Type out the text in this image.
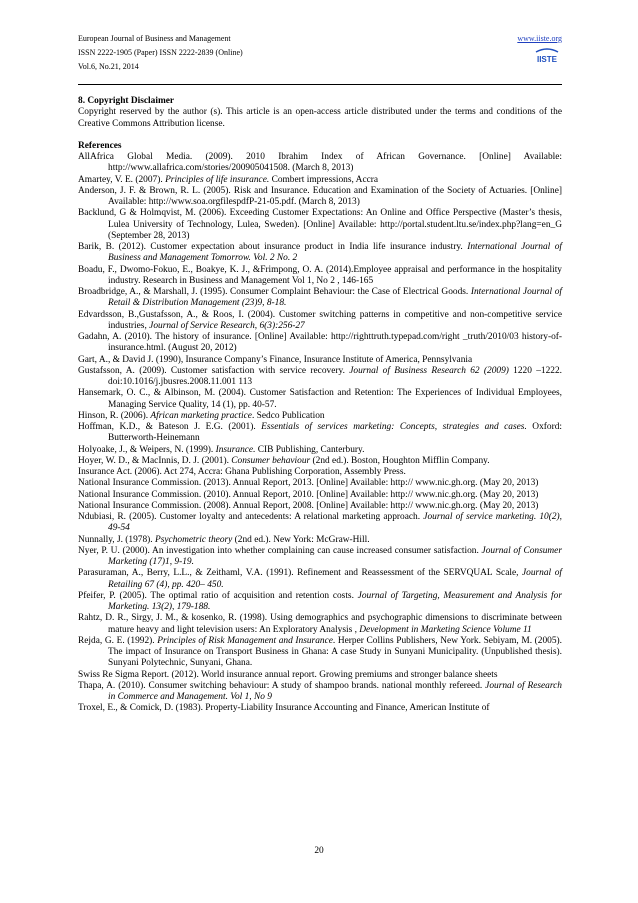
European Journal of Business and Management
ISSN 2222-1905 (Paper) ISSN 2222-2839 (Online)
Vol.6, No.21, 2014
www.iiste.org
IISTE

8. Copyright Disclaimer

Copyright reserved by the author (s). This article is an open-access article distributed under the terms and conditions of the Creative Commons Attribution license.

References

AllAfrica Global Media. (2009). 2010 Ibrahim Index of African Governance. [Online] Available: http://www.allafrica.com/stories/200905041508. (March 8, 2013)

Amartey, V. E. (2007). Principles of life insurance. Combert impressions, Accra

Anderson, J. F. & Brown, R. L. (2005). Risk and Insurance. Education and Examination of the Society of Actuaries. [Online] Available: http://www.soa.orgfilespdfP-21-05.pdf. (March 8, 2013)

Backlund, G & Holmqvist, M. (2006). Exceeding Customer Expectations: An Online and Office Perspective (Master’s thesis, Lulea University of Technology, Lulea, Sweden). [Online] Available: http://portal.student.ltu.se/index.php?lang=en_G (September 28, 2013)

Barik, B. (2012). Customer expectation about insurance product in India life insurance industry. International Journal of Business and Management Tomorrow. Vol. 2 No. 2

Boadu, F., Dwomo-Fokuo, E., Boakye, K. J., &Frimpong, O. A. (2014).Employee appraisal and performance in the hospitality industry. Research in Business and Management Vol 1, No 2 , 146-165

Broadbridge, A., & Marshall, J. (1995). Consumer Complaint Behaviour: the Case of Electrical Goods. International Journal of Retail & Distribution Management (23)9, 8-18.

Edvardsson, B.,Gustafsson, A., & Roos, I. (2004). Customer switching patterns in competitive and non-competitive service industries, Journal of Service Research, 6(3):256-27

Gadahn, A. (2010). The history of insurance. [Online] Available: http://righttruth.typepad.com/right _truth/2010/03 history-of-insurance.html. (August 20, 2012)

Gart, A., & David J. (1990), Insurance Company’s Finance, Insurance Institute of America, Pennsylvania

Gustafsson, A. (2009). Customer satisfaction with service recovery. Journal of Business Research 62 (2009) 1220 –1222. doi:10.1016/j.jbusres.2008.11.001 113

Hansemark, O. C., & Albinson, M. (2004). Customer Satisfaction and Retention: The Experiences of Individual Employees, Managing Service Quality, 14 (1), pp. 40-57.

Hinson, R. (2006). African marketing practice. Sedco Publication

Hoffman, K.D., & Bateson J. E.G. (2001). Essentials of services marketing: Concepts, strategies and cases. Oxford: Butterworth-Heinemann

Holyoake, J., & Weipers, N. (1999). Insurance. CIB Publishing, Canterbury.

Hoyer, W. D., & MacInnis, D. J. (2001). Consumer behaviour (2nd ed.). Boston, Houghton Mifflin Company.

Insurance Act. (2006). Act 274, Accra: Ghana Publishing Corporation, Assembly Press.

National Insurance Commission. (2013). Annual Report, 2013. [Online] Available: http:// www.nic.gh.org. (May 20, 2013)

National Insurance Commission. (2010). Annual Report, 2010. [Online] Available: http:// www.nic.gh.org. (May 20, 2013)

National Insurance Commission. (2008). Annual Report, 2008. [Online] Available: http:// www.nic.gh.org. (May 20, 2013)

Ndubiasi, R. (2005). Customer loyalty and antecedents: A relational marketing approach. Journal of service marketing. 10(2), 49-54

Nunnally, J. (1978). Psychometric theory (2nd ed.). New York: McGraw-Hill.

Nyer, P. U. (2000). An investigation into whether complaining can cause increased consumer satisfaction. Journal of Consumer Marketing (17)1, 9-19.

Parasuraman, A., Berry, L.L., & Zeithaml, V.A. (1991). Refinement and Reassessment of the SERVQUAL Scale, Journal of Retailing 67 (4), pp. 420– 450.

Pfeifer, P. (2005). The optimal ratio of acquisition and retention costs. Journal of Targeting, Measurement and Analysis for Marketing. 13(2), 179-188.

Rahtz, D. R., Sirgy, J. M., & kosenko, R. (1998). Using demographics and psychographic dimensions to discriminate between mature heavy and light television users: An Exploratory Analysis , Development in Marketing Science Volume 11

Rejda, G. E. (1992). Principles of Risk Management and Insurance. Herper Collins Publishers, New York. Sebiyam, M. (2005). The impact of Insurance on Transport Business in Ghana: A case Study in Sunyani Municipality. (Unpublished thesis). Sunyani Polytechnic, Sunyani, Ghana.

Swiss Re Sigma Report. (2012). World insurance annual report. Growing premiums and stronger balance sheets

Thapa, A. (2010). Consumer switching behaviour: A study of shampoo brands. national monthly refereed. Journal of Research in Commerce and Management. Vol 1, No 9

Troxel, E., & Comick, D. (1983). Property-Liability Insurance Accounting and Finance, American Institute of

20
